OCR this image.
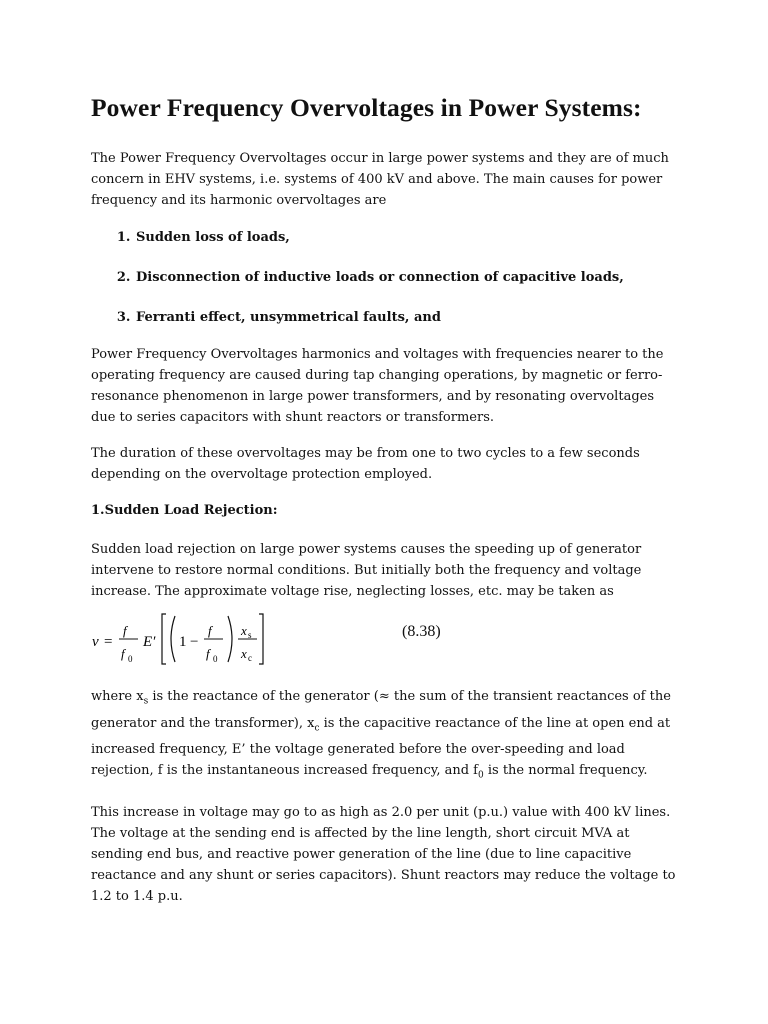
Power Frequency Overvoltages in Power Systems:

The Power Frequency Overvoltages occur in large power systems and they are of much concern in EHV systems, i.e. systems of 400 kV and above. The main causes for power frequency and its harmonic overvoltages are

1. Sudden loss of loads,
2. Disconnection of inductive loads or connection of capacitive loads,
3. Ferranti effect, unsymmetrical faults, and

Power Frequency Overvoltages harmonics and voltages with frequencies nearer to the operating frequency are caused during tap changing operations, by magnetic or ferro-resonance phenomenon in large power transformers, and by resonating overvoltages due to series capacitors with shunt reactors or transformers.

The duration of these overvoltages may be from one to two cycles to a few seconds depending on the overvoltage protection employed.

1.Sudden Load Rejection:

Sudden load rejection on large power systems causes the speeding up of generator intervene to restore normal conditions. But initially both the frequency and voltage increase. The approximate voltage rise, neglecting losses, etc. may be taken as

v =
f
f 0
E′ 1 −
f
f 0
x s
x c
(8.38)

where $x_s$ is the reactance of the generator (≈ the sum of the transient reactances of the generator and the transformer), $x_c$ is the capacitive reactance of the line at open end at increased frequency, E’ the voltage generated before the over-speeding and load rejection, f is the instantaneous increased frequency, and $f_0$ is the normal frequency.

This increase in voltage may go to as high as 2.0 per unit (p.u.) value with 400 kV lines. The voltage at the sending end is affected by the line length, short circuit MVA at sending end bus, and reactive power generation of the line (due to line capacitive reactance and any shunt or series capacitors). Shunt reactors may reduce the voltage to 1.2 to 1.4 p.u.
